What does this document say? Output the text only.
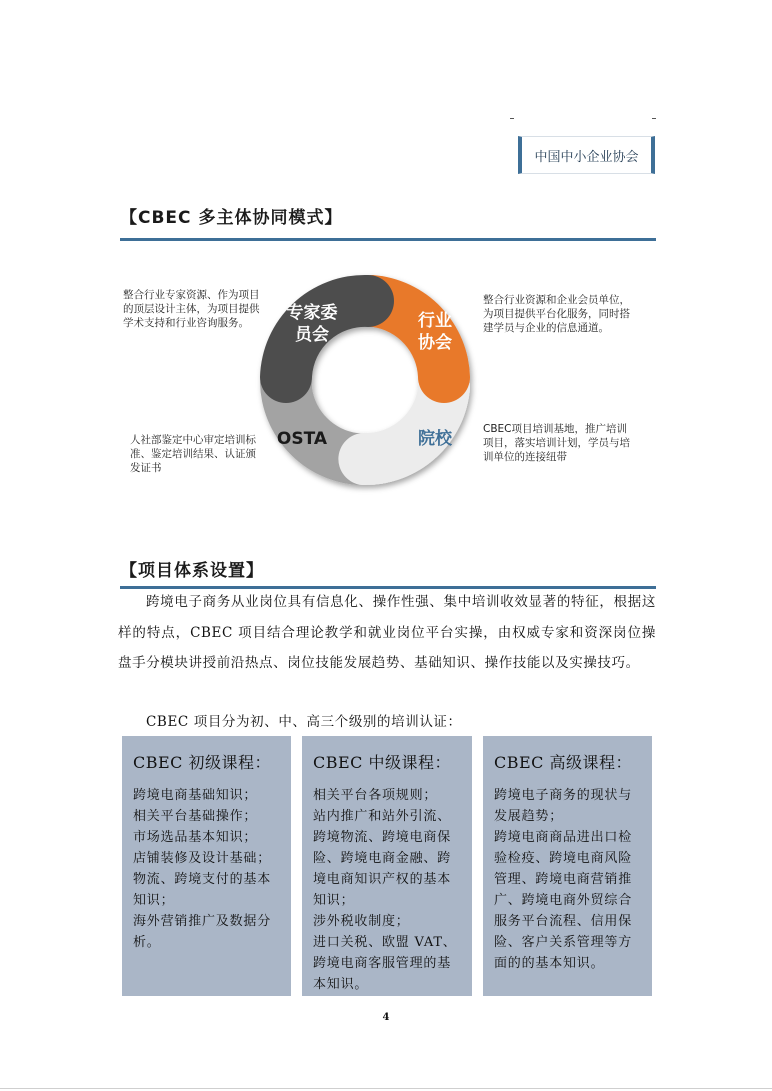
中国中小企业协会
【CBEC 多主体协同模式】
专家委
员会
行业
协会
院校
OSTA
整合行业专家资源、作为项目的顶层设计主体，为项目提供学术支持和行业咨询服务。
整合行业资源和企业会员单位，为项目提供平台化服务，同时搭建学员与企业的信息通道。
CBEC项目培训基地，推广培训项目，落实培训计划，学员与培训单位的连接纽带
人社部鉴定中心审定培训标准、鉴定培训结果、认证颁发证书
【项目体系设置】
跨境电子商务从业岗位具有信息化、操作性强、集中培训收效显著的特征，根据这样的特点，CBEC 项目结合理论教学和就业岗位平台实操，由权威专家和资深岗位操盘手分模块讲授前沿热点、岗位技能发展趋势、基础知识、操作技能以及实操技巧。
CBEC 项目分为初、中、高三个级别的培训认证：
CBEC 初级课程：
跨境电商基础知识；
相关平台基础操作；
市场选品基本知识；
店铺装修及设计基础；
物流、跨境支付的基本知识；
海外营销推广及数据分析。
CBEC 中级课程：
相关平台各项规则；
站内推广和站外引流、跨境物流、跨境电商保险、跨境电商金融、跨境电商知识产权的基本知识；
涉外税收制度；
进口关税、欧盟 VAT、跨境电商客服管理的基本知识。
CBEC 高级课程：
跨境电子商务的现状与发展趋势；
跨境电商商品进出口检验检疫、跨境电商风险管理、跨境电商营销推广、跨境电商外贸综合服务平台流程、信用保险、客户关系管理等方面的的基本知识。
4
